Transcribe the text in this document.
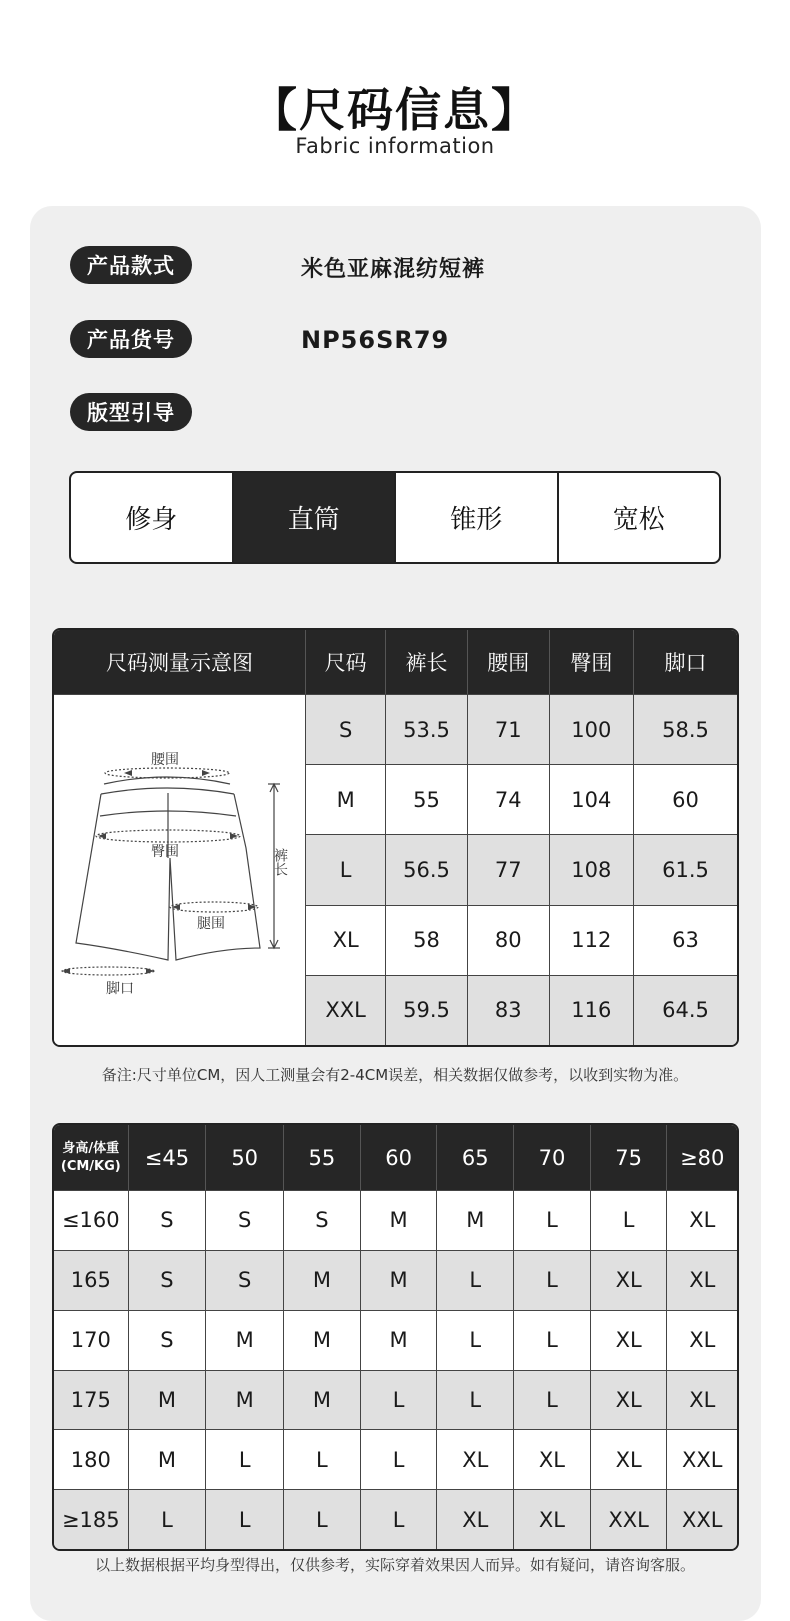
【尺码信息】
Fabric information
产品款式	米色亚麻混纺短裤
产品货号	NP56SR79
版型引导
修身	直筒	锥形	宽松
尺码测量示意图	尺码	裤长	腰围	臀围	脚口

腰围
臀围
腿围
脚口
裤长	S	53.5	71	100	58.5
	M	55	74	104	60
	L	56.5	77	108	61.5
	XL	58	80	112	63
	XXL	59.5	83	116	64.5
备注:尺寸单位CM，因人工测量会有2-4CM误差，相关数据仅做参考，以收到实物为准。
身高/体重
(CM/KG)	≤45	50	55	60	65	70	75	≥80
≤160	S	S	S	M	M	L	L	XL
165	S	S	M	M	L	L	XL	XL
170	S	M	M	M	L	L	XL	XL
175	M	M	M	L	L	L	XL	XL
180	M	L	L	L	XL	XL	XL	XXL
≥185	L	L	L	L	XL	XL	XXL	XXL
以上数据根据平均身型得出，仅供参考，实际穿着效果因人而异。如有疑问，请咨询客服。
